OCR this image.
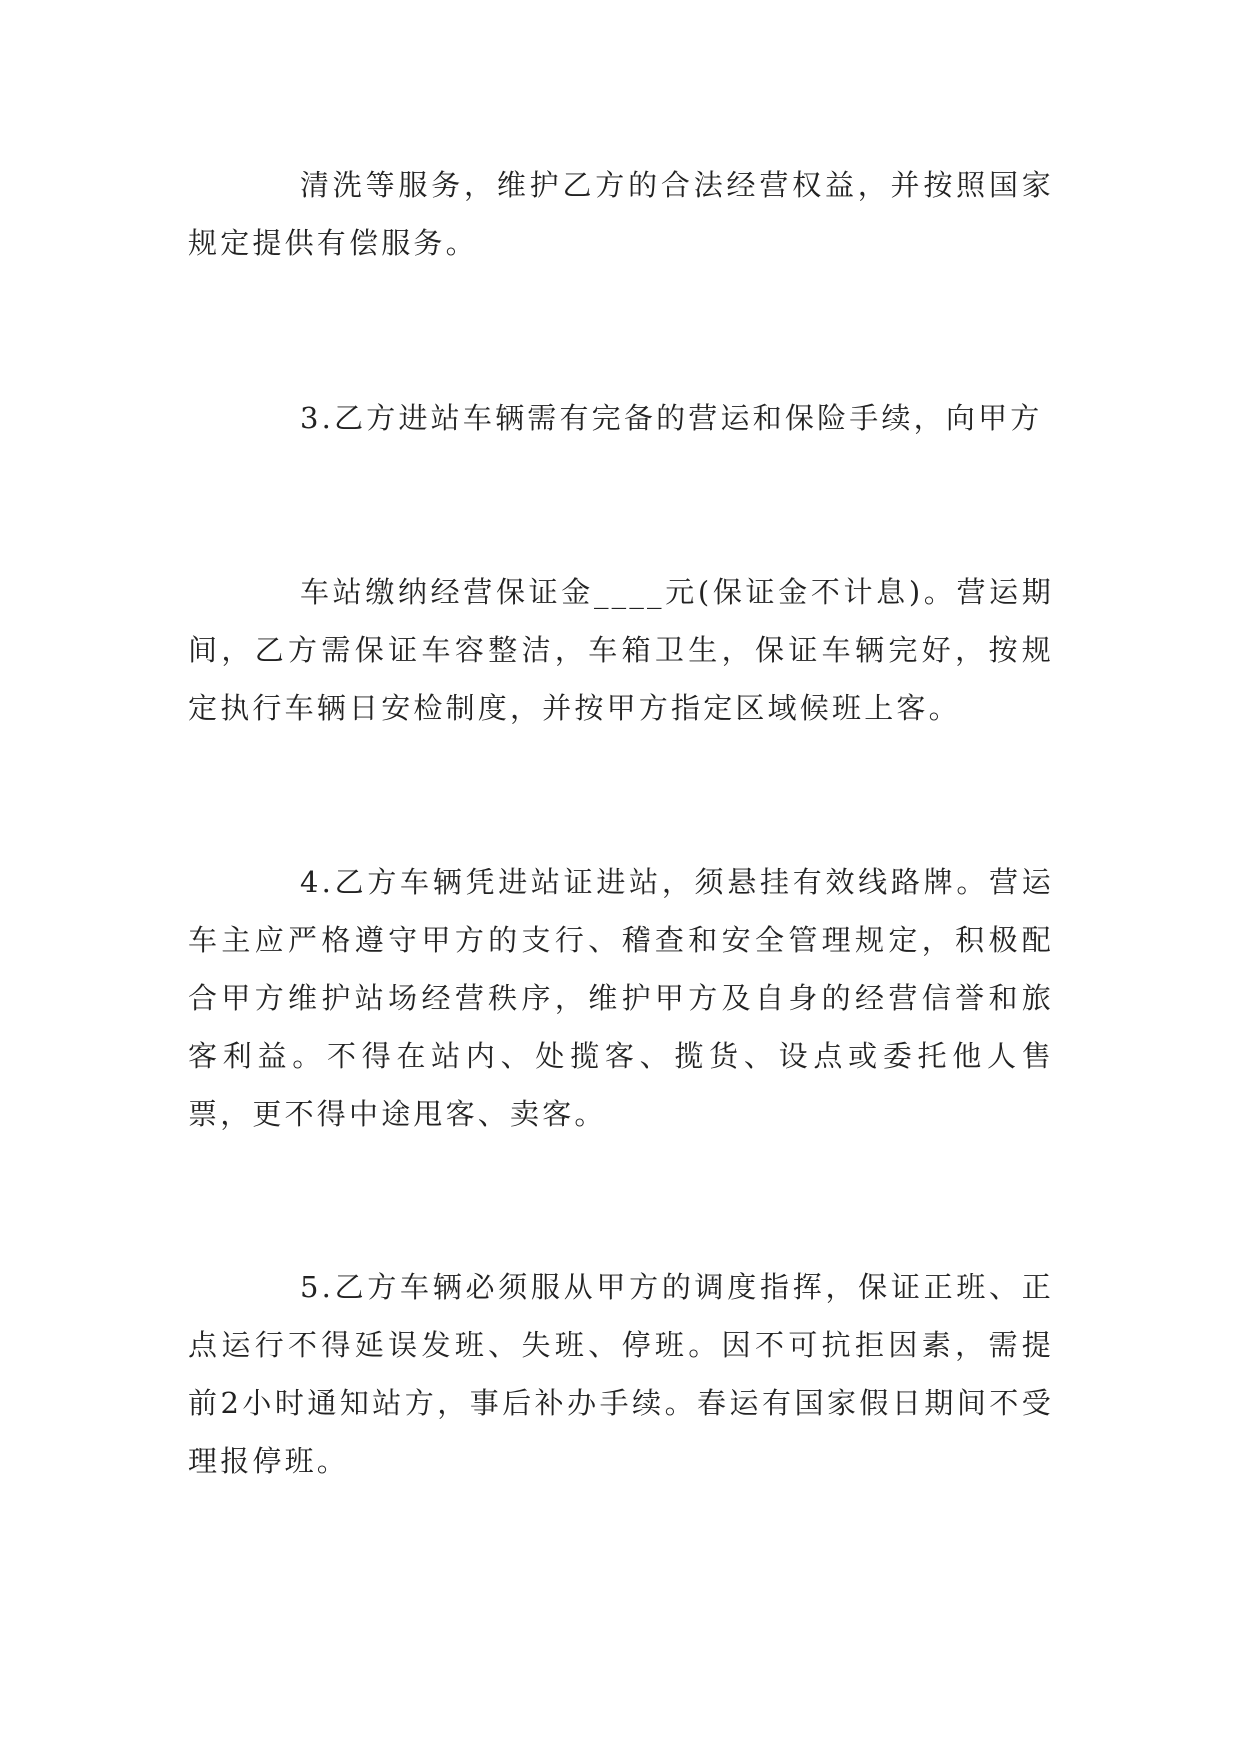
清洗等服务，维护乙方的合法经营权益，并按照国家规定提供有偿服务。

3.乙方进站车辆需有完备的营运和保险手续，向甲方

车站缴纳经营保证金____元(保证金不计息)。营运期间，乙方需保证车容整洁，车箱卫生，保证车辆完好，按规定执行车辆日安检制度，并按甲方指定区域候班上客。

4.乙方车辆凭进站证进站，须悬挂有效线路牌。营运车主应严格遵守甲方的支行、稽查和安全管理规定，积极配合甲方维护站场经营秩序，维护甲方及自身的经营信誉和旅客利益。不得在站内、处揽客、揽货、设点或委托他人售票，更不得中途甩客、卖客。

5.乙方车辆必须服从甲方的调度指挥，保证正班、正点运行不得延误发班、失班、停班。因不可抗拒因素，需提前2小时通知站方，事后补办手续。春运有国家假日期间不受理报停班。
